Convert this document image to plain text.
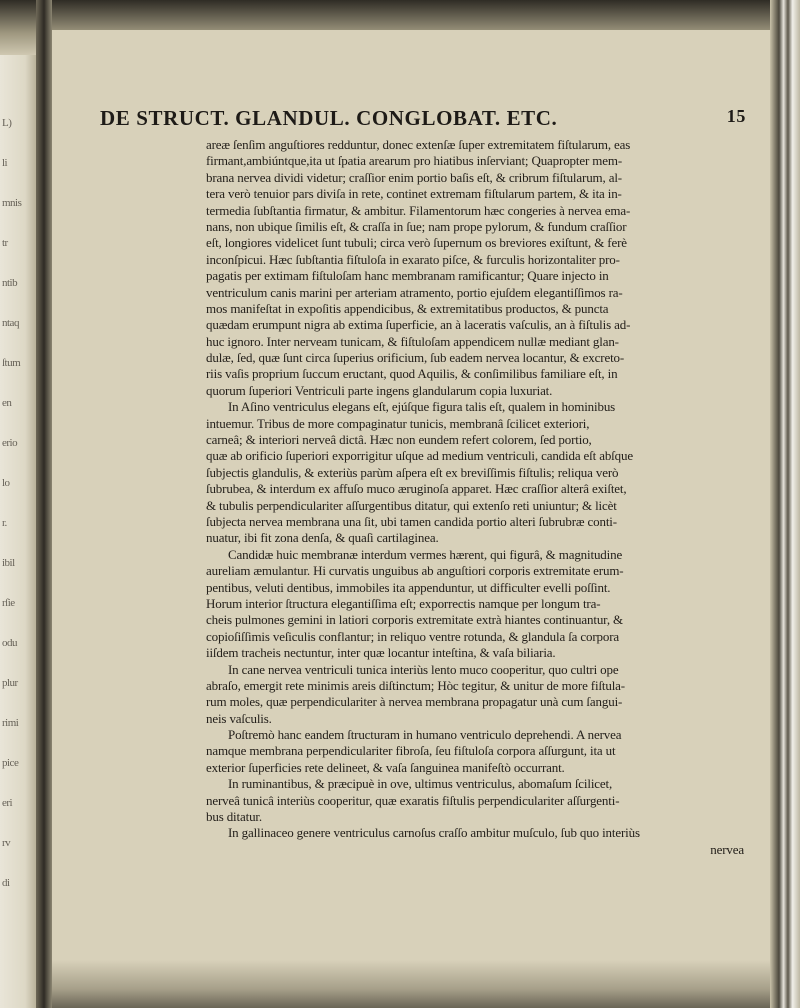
L)
li
mnis
tr
ntib
ntaq
ſtum
en
erio
lo
r.
ibil
rſie
odu
plur
rimi
pice
eri
rv
di
DE STRUCT. GLANDUL. CONGLOBAT. ETC.	15
areæ ſenſim anguſtiores redduntur, donec extenſæ ſuper extremitatem fiſtularum, eas
firmant,ambiúntque,ita ut ſpatia arearum pro hiatibus inſerviant; Quapropter mem-
brana nervea dividi videtur; craſſior enim portio baſis eſt, & cribrum fiſtularum, al-
tera verò tenuior pars diviſa in rete, continet extremam fiſtularum partem, & ita in-
termedia ſubſtantia firmatur, & ambitur. Filamentorum hæc congeries à nervea ema-
nans, non ubique ſimilis eſt, & craſſa in ſue; nam prope pylorum, & fundum craſſior
eſt, longiores videlicet ſunt tubuli; circa verò ſupernum os breviores exiſtunt, & ferè
inconſpicui. Hæc ſubſtantia fiſtuloſa in exarato piſce, & furculis horizontaliter pro-
pagatis per extimam fiſtuloſam hanc membranam ramificantur; Quare injecto in
ventriculum canis marini per arteriam atramento, portio ejuſdem elegantiſſimos ra-
mos manifeſtat in expoſitis appendicibus, & extremitatibus productos, & puncta
quædam erumpunt nigra ab extima ſuperficie, an à laceratis vaſculis, an à fiſtulis ad-
huc ignoro. Inter nerveam tunicam, & fiſtuloſam appendicem nullæ mediant glan-
dulæ, ſed, quæ ſunt circa ſuperius orificium, ſub eadem nervea locantur, & excreto-
riis vaſis proprium ſuccum eructant, quod Aquilis, & conſimilibus familiare eſt, in
quorum ſuperiori Ventriculi parte ingens glandularum copia luxuriat.
In Aſino ventriculus elegans eſt, ejúſque figura talis eſt, qualem in hominibus
intuemur. Tribus de more compaginatur tunicis, membranâ ſcilicet exteriori,
carneâ; & interiori nerveâ dictâ. Hæc non eundem refert colorem, ſed portio,
quæ ab orificio ſuperiori exporrigitur uſque ad medium ventriculi, candida eſt abſque
ſubjectis glandulis, & exteriùs parùm aſpera eſt ex breviſſimis fiſtulis; reliqua verò
ſubrubea, & interdum ex affuſo muco æruginoſa apparet. Hæc craſſior alterâ exiſtet,
& tubulis perpendiculariter aſſurgentibus ditatur, qui extenſo reti uniuntur; & licèt
ſubjecta nervea membrana una ſit, ubi tamen candida portio alteri ſubrubræ conti-
nuatur, ibi fit zona denſa, & quaſi cartilaginea.
Candidæ huic membranæ interdum vermes hærent, qui figurâ, & magnitudine
aureliam æmulantur. Hi curvatis unguibus ab anguſtiori corporis extremitate erum-
pentibus, veluti dentibus, immobiles ita appenduntur, ut difficulter evelli poſſint.
Horum interior ſtructura elegantiſſima eſt; exporrectis namque per longum tra-
cheis pulmones gemini in latiori corporis extremitate extrà hiantes continuantur, &
copioſiſſimis veſiculis conflantur; in reliquo ventre rotunda, & glandula ſa corpora
iiſdem tracheis nectuntur, inter quæ locantur inteſtina, & vaſa biliaria.
In cane nervea ventriculi tunica interiùs lento muco cooperitur, quo cultri ope
abraſo, emergit rete minimis areis diſtinctum; Hòc tegitur, & unitur de more fiſtula-
rum moles, quæ perpendiculariter à nervea membrana propagatur unà cum ſangui-
neis vaſculis.
Poſtremò hanc eandem ſtructuram in humano ventriculo deprehendi. A nervea
namque membrana perpendiculariter fibroſa, ſeu fiſtuloſa corpora aſſurgunt, ita ut
exterior ſuperficies rete delineet, & vaſa ſanguinea manifeſtò occurrant.
In ruminantibus, & præcipuè in ove, ultimus ventriculus, abomaſum ſcilicet,
nerveâ tunicâ interiùs cooperitur, quæ exaratis fiſtulis perpendiculariter aſſurgenti-
bus ditatur.
In gallinaceo genere ventriculus carnoſus craſſo ambitur muſculo, ſub quo interiùs
nervea
